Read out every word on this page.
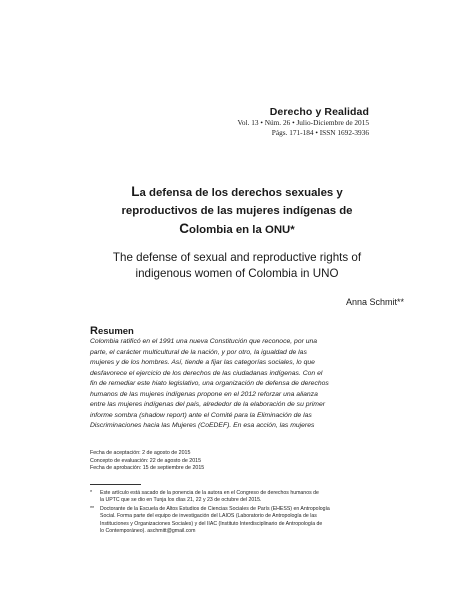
Derecho y Realidad
Vol. 13 • Núm. 26 • Julio-Diciembre de 2015
Págs. 171-184 • ISSN 1692-3936

La defensa de los derechos sexuales y

reproductivos de las mujeres indígenas de

Colombia en la ONU*

The defense of sexual and reproductive rights of

indigenous women of Colombia in UNO

Anna Schmit**
Resumen

Colombia ratificó en el 1991 una nueva Constitución que reconoce, por una

parte, el carácter multicultural de la nación, y por otro, la igualdad de las

mujeres y de los hombres. Así, tiende a fijar las categorías sociales, lo que

desfavorece el ejercicio de los derechos de las ciudadanas indígenas. Con el

fin de remediar este hiato legislativo, una organización de defensa de derechos

humanos de las mujeres indígenas propone en el 2012 reforzar una alianza

entre las mujeres indígenas del país, alrededor de la elaboración de su primer

informe sombra (shadow report) ante el Comité para la Eliminación de las

Discriminaciones hacia las Mujeres (CoEDEF). En esa acción, las mujeres

Fecha de aceptación: 2 de agosto de 2015

Concepto de evaluación: 22 de agosto de 2015

Fecha de aprobación: 15 de septiembre de 2015

* Este artículo está sacado de la ponencia de la autora en el Congreso de derechos humanos de

la UPTC que se dio en Tunja los días 21, 22 y 23 de octubre del 2015.

** Doctorante de la Escuela de Altos Estudios de Ciencias Sociales de París (EHESS) en Antropología

Social. Forma parte del equipo de investigación del LAIOS (Laboratorio de Antropología de las

Instituciones y Organizaciones Sociales) y del IIAC (Instituto Interdisciplinario de Antropología de

lo Contemporáneo). aschmitt@gmail.com
